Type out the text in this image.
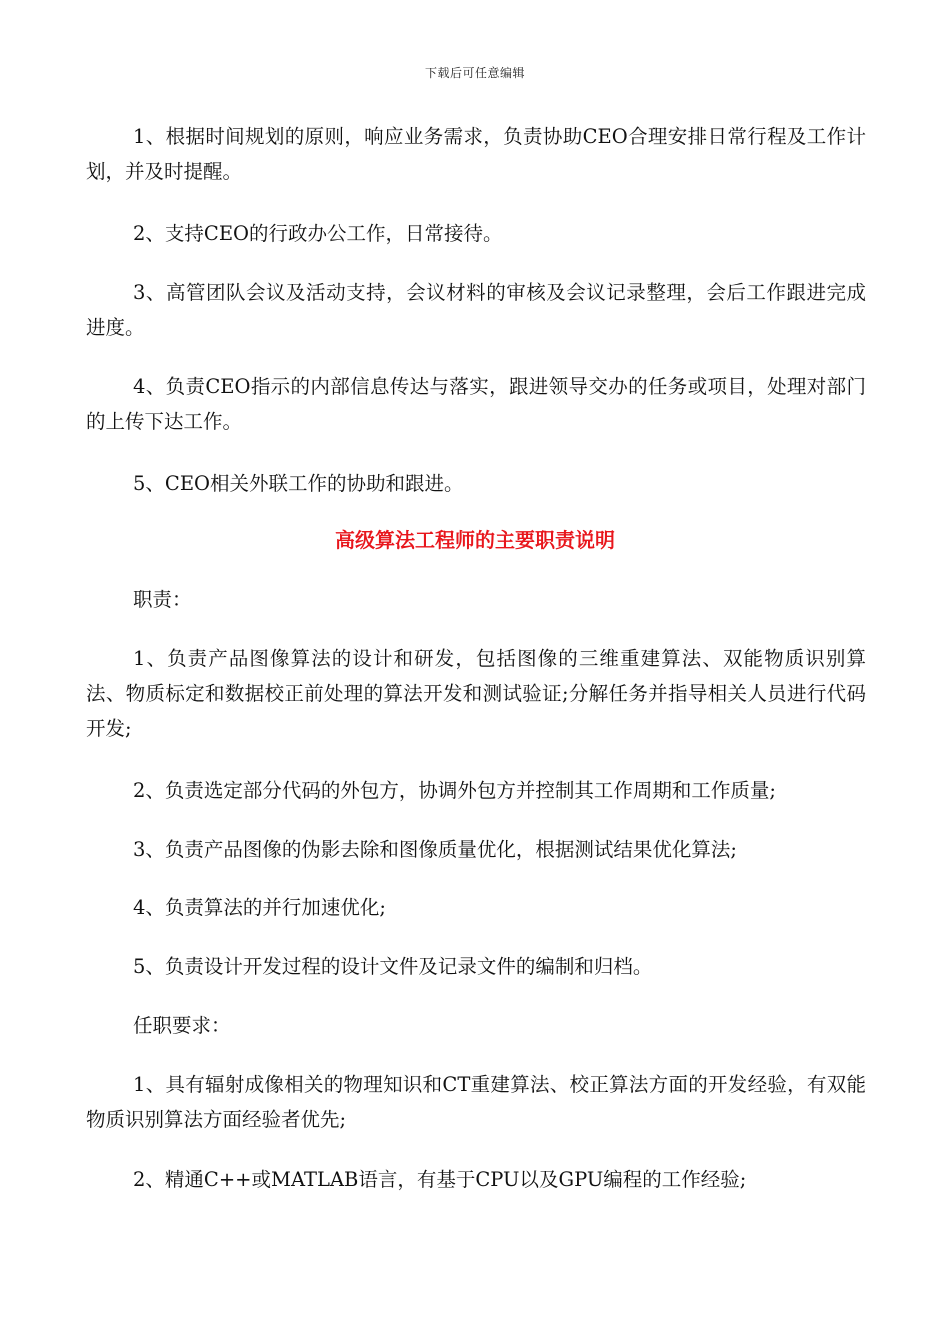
下载后可任意编辑

1、根据时间规划的原则，响应业务需求，负责协助CEO合理安排日常行程及工作计划，并及时提醒。

2、支持CEO的行政办公工作，日常接待。

3、高管团队会议及活动支持，会议材料的审核及会议记录整理，会后工作跟进完成进度。

4、负责CEO指示的内部信息传达与落实，跟进领导交办的任务或项目，处理对部门的上传下达工作。

5、CEO相关外联工作的协助和跟进。

高级算法工程师的主要职责说明

职责：

1、负责产品图像算法的设计和研发，包括图像的三维重建算法、双能物质识别算法、物质标定和数据校正前处理的算法开发和测试验证;分解任务并指导相关人员进行代码开发;

2、负责选定部分代码的外包方，协调外包方并控制其工作周期和工作质量;

3、负责产品图像的伪影去除和图像质量优化，根据测试结果优化算法;

4、负责算法的并行加速优化;

5、负责设计开发过程的设计文件及记录文件的编制和归档。

任职要求：

1、具有辐射成像相关的物理知识和CT重建算法、校正算法方面的开发经验，有双能物质识别算法方面经验者优先;

2、精通C++或MATLAB语言，有基于CPU以及GPU编程的工作经验;
